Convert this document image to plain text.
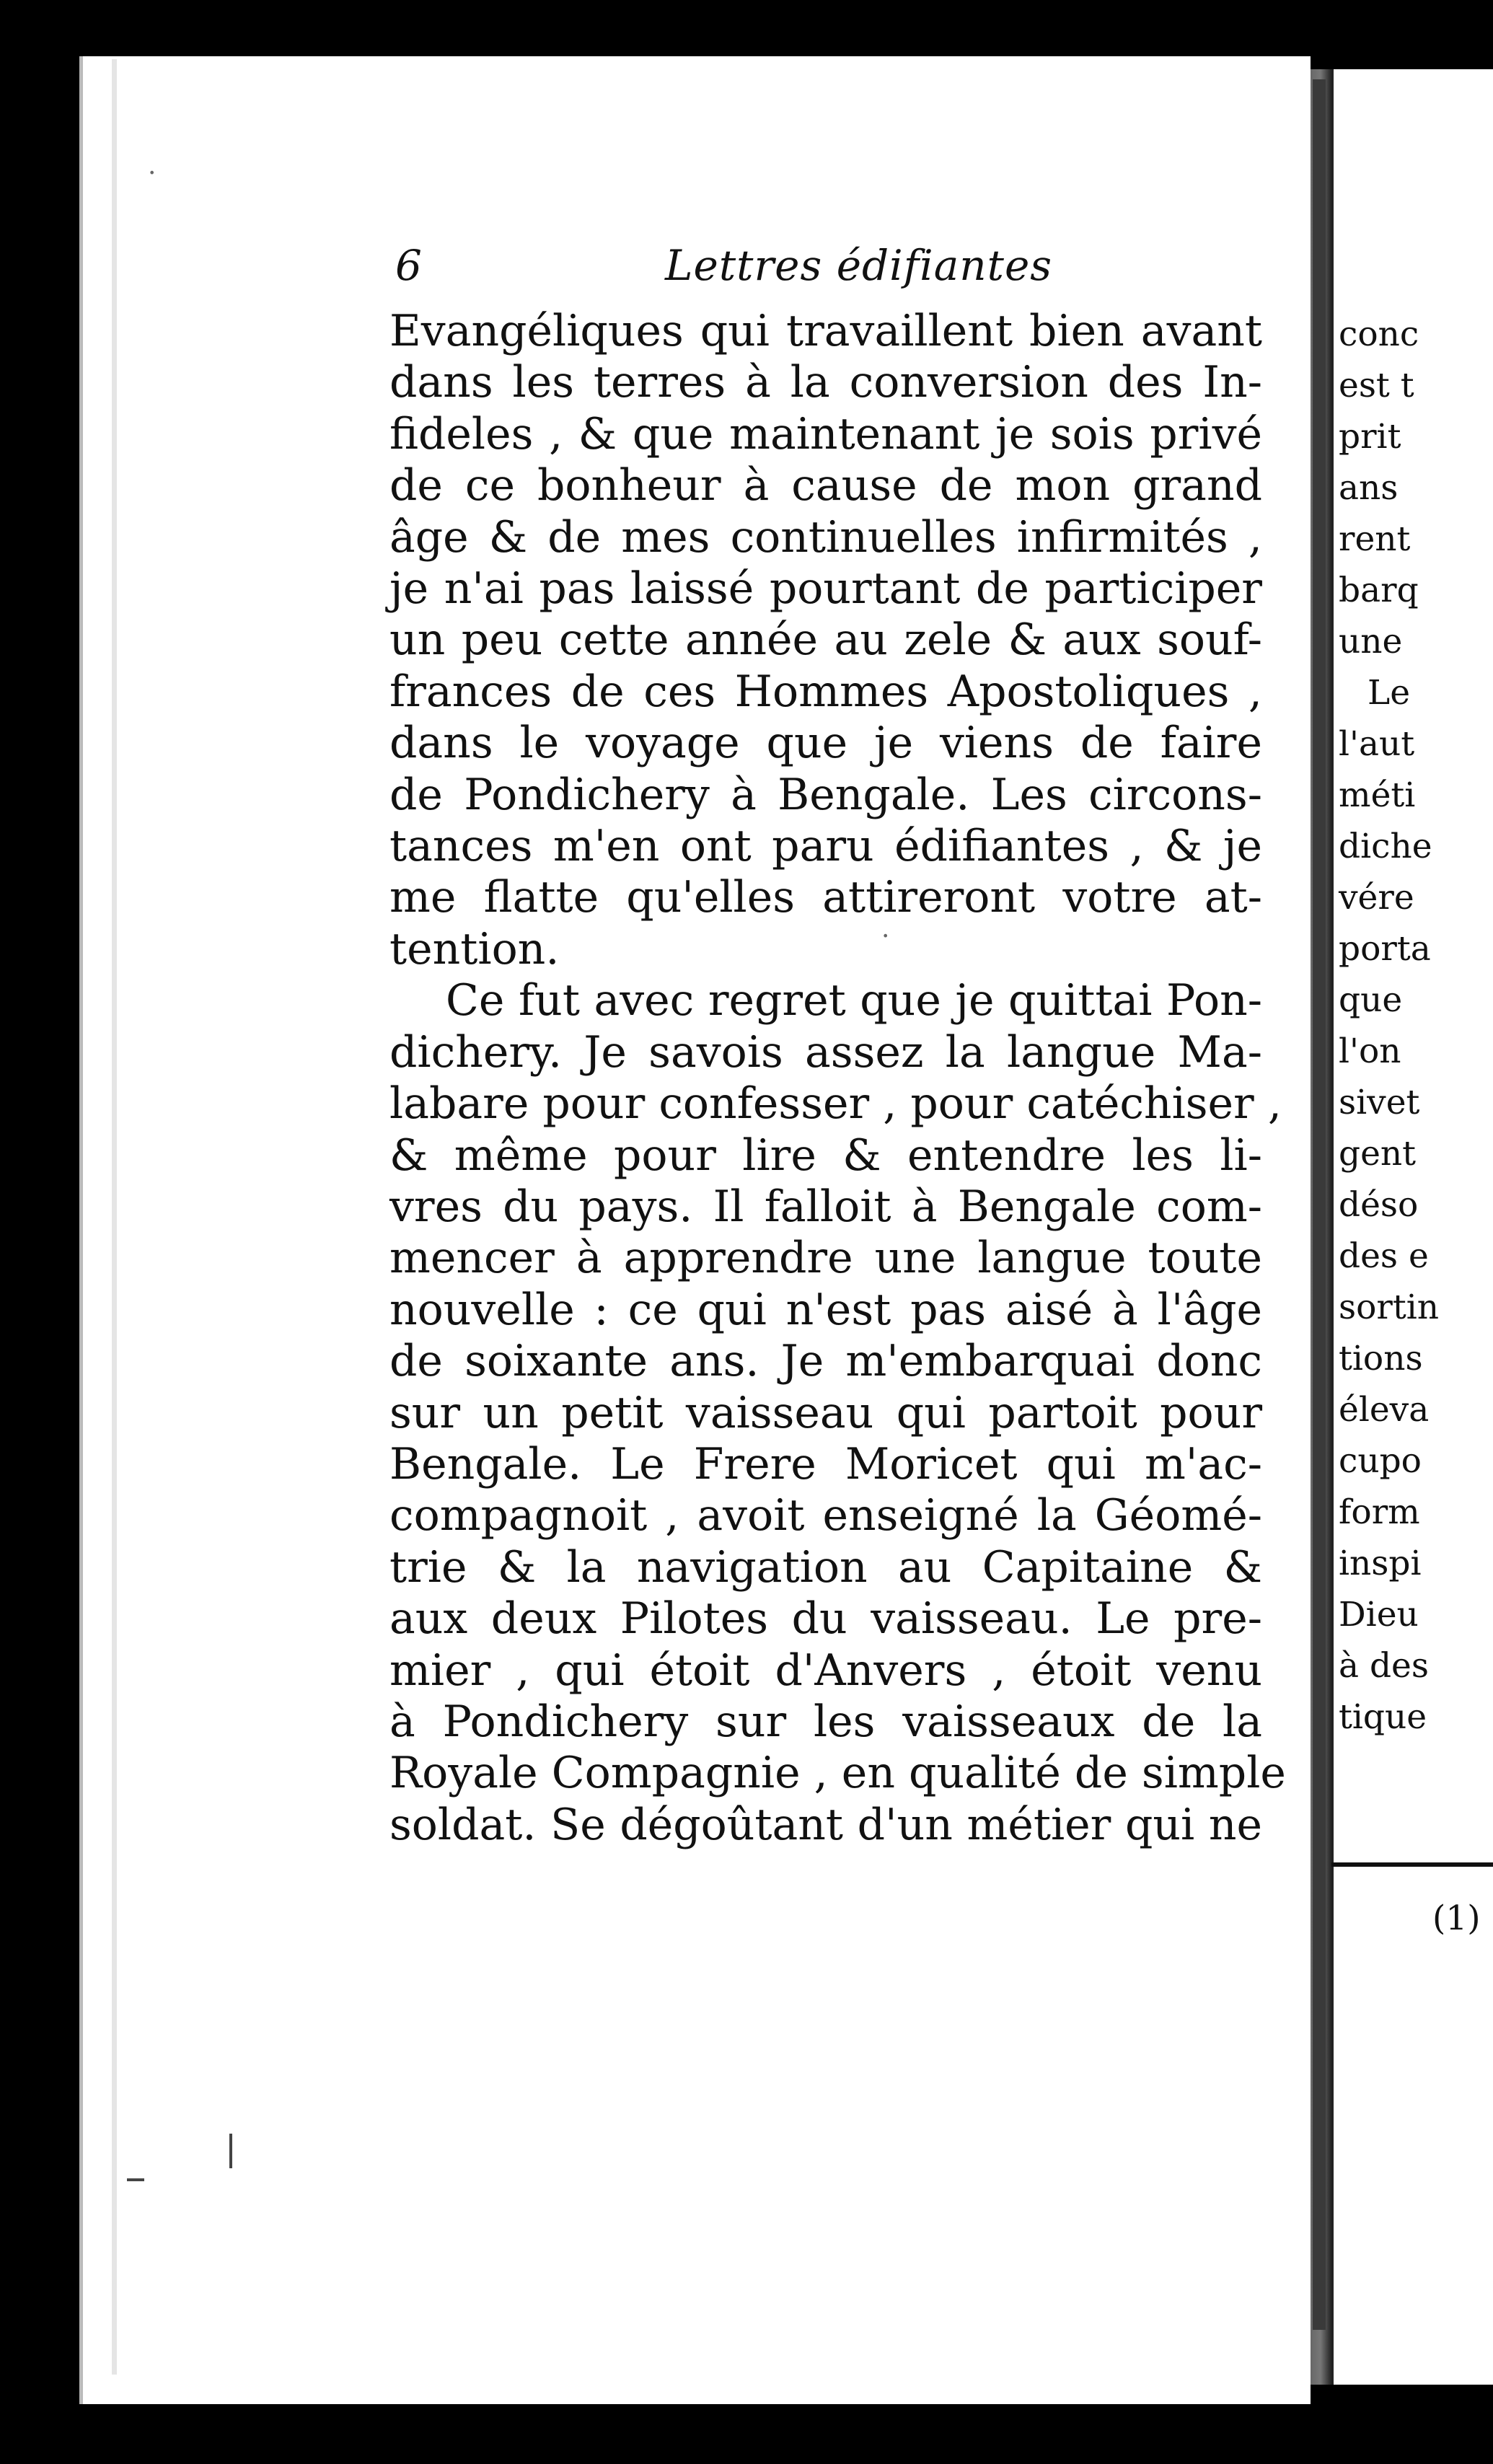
conc
est t
prit
ans
rent
barq
une
Le
l'aut
méti
diche
vére
porta
que
l'on
sivet
gent
déso
des e
sortin
tions
éleva
cupo
form
inspi
Dieu
à des
tique
(1)
6	Lettres édifiantes
Evangéliques qui travaillent bien avant
dans les terres à la conversion des In-
fideles , & que maintenant je sois privé
de ce bonheur à cause de mon grand
âge & de mes continuelles infirmités ,
je n'ai pas laissé pourtant de participer
un peu cette année au zele & aux souf-
frances de ces Hommes Apostoliques ,
dans le voyage que je viens de faire
de Pondichery à Bengale. Les circons-
tances m'en ont paru édifiantes , & je
me flatte qu'elles attireront votre at-
tention.
Ce fut avec regret que je quittai Pon-
dichery. Je savois assez la langue Ma-
labare pour confesser , pour catéchiser ,
& même pour lire & entendre les li-
vres du pays. Il falloit à Bengale com-
mencer à apprendre une langue toute
nouvelle : ce qui n'est pas aisé à l'âge
de soixante ans. Je m'embarquai donc
sur un petit vaisseau qui partoit pour
Bengale. Le Frere Moricet qui m'ac-
compagnoit , avoit enseigné la Géomé-
trie & la navigation au Capitaine &
aux deux Pilotes du vaisseau. Le pre-
mier , qui étoit d'Anvers , étoit venu
à Pondichery sur les vaisseaux de la
Royale Compagnie , en qualité de simple
soldat. Se dégoûtant d'un métier qui ne
·
·
